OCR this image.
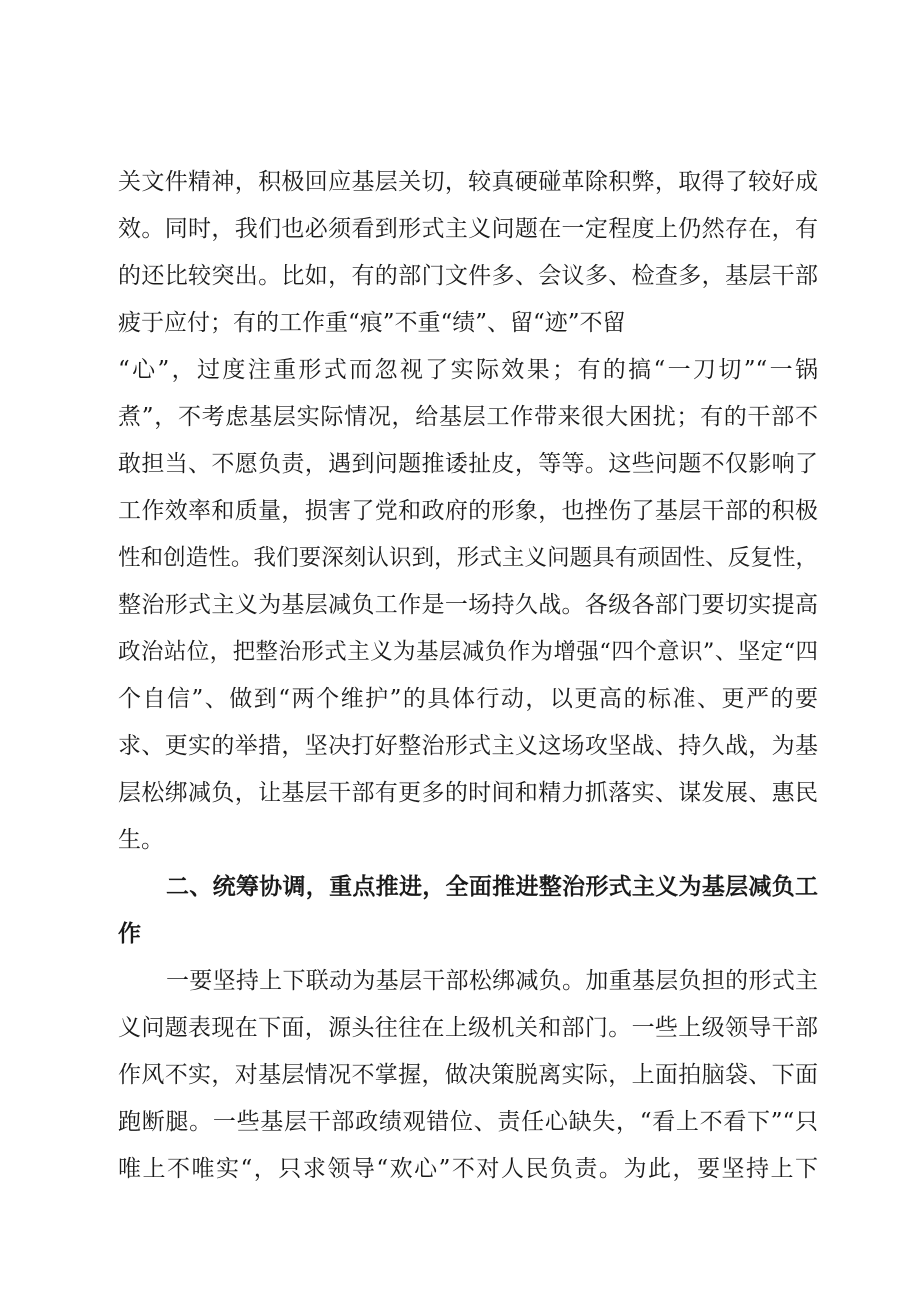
关文件精神，积极回应基层关切，较真硬碰革除积弊，取得了较好成
效。同时，我们也必须看到形式主义问题在一定程度上仍然存在，有
的还比较突出。比如，有的部门文件多、会议多、检查多，基层干部
疲于应付；有的工作重“痕”不重“绩”、留“迹”不留
“心”，过度注重形式而忽视了实际效果；有的搞“一刀切”“一锅
煮”，不考虑基层实际情况，给基层工作带来很大困扰；有的干部不
敢担当、不愿负责，遇到问题推诿扯皮，等等。这些问题不仅影响了
工作效率和质量，损害了党和政府的形象，也挫伤了基层干部的积极
性和创造性。我们要深刻认识到，形式主义问题具有顽固性、反复性，
整治形式主义为基层减负工作是一场持久战。各级各部门要切实提高
政治站位，把整治形式主义为基层减负作为增强“四个意识”、坚定“四
个自信”、做到“两个维护”的具体行动，以更高的标准、更严的要
求、更实的举措，坚决打好整治形式主义这场攻坚战、持久战，为基
层松绑减负，让基层干部有更多的时间和精力抓落实、谋发展、惠民
生。
二、统筹协调，重点推进，全面推进整治形式主义为基层减负工
作
一要坚持上下联动为基层干部松绑减负。加重基层负担的形式主
义问题表现在下面，源头往往在上级机关和部门。一些上级领导干部
作风不实，对基层情况不掌握，做决策脱离实际，上面拍脑袋、下面
跑断腿。一些基层干部政绩观错位、责任心缺失，“看上不看下”“只
唯上不唯实“，只求领导“欢心”不对人民负责。为此，要坚持上下
